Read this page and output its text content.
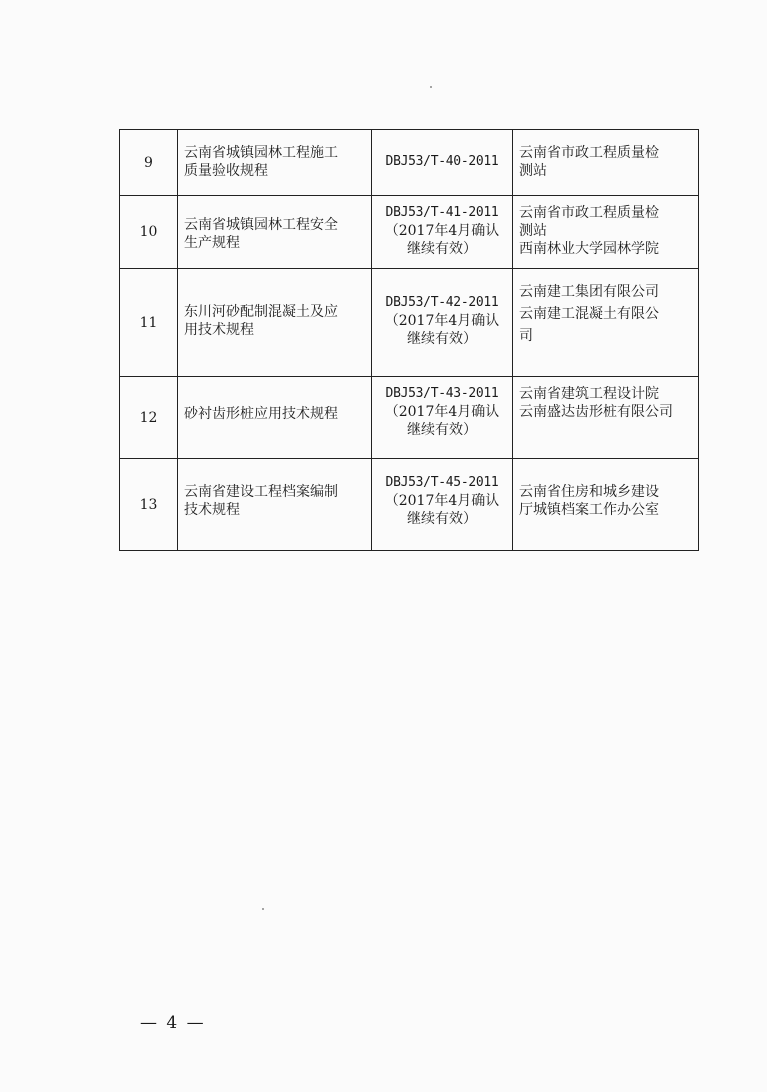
9	云南省城镇园林工程施工
质量验收规程	DBJ53/T-40-2011	云南省市政工程质量检
测站

10	云南省城镇园林工程安全
生产规程	DBJ53/T-41-2011
（2017年4月确认
继续有效）	云南省市政工程质量检
测站
西南林业大学园林学院

11	东川河砂配制混凝土及应
用技术规程	DBJ53/T-42-2011
（2017年4月确认
继续有效）	云南建工集团有限公司
云南建工混凝土有限公
司

12	砂衬齿形桩应用技术规程	DBJ53/T-43-2011
（2017年4月确认
继续有效）	云南省建筑工程设计院
云南盛达齿形桩有限公司

13	云南省建设工程档案编制
技术规程	DBJ53/T-45-2011
（2017年4月确认
继续有效）	云南省住房和城乡建设
厅城镇档案工作办公室
— 4 —
